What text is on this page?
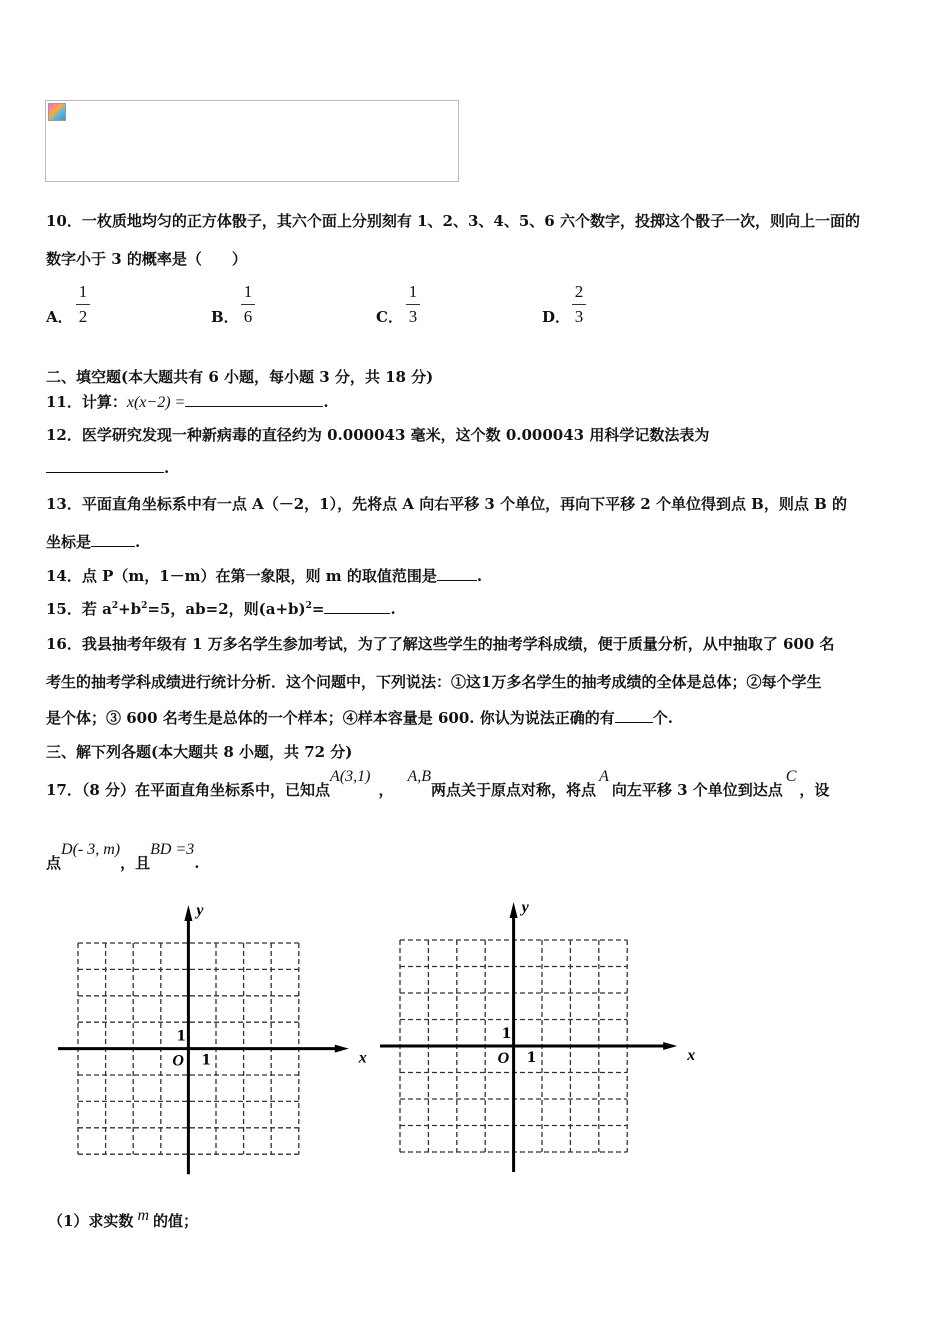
10．一枚质地均匀的正方体骰子，其六个面上分别刻有 1、2、3、4、5、6 六个数字，投掷这个骰子一次，则向上一面的
数字小于 3 的概率是（　　）
A．
1
2	B．
1
6	C．
1
3	D．
2
3
二、填空题(本大题共有 6 小题，每小题 3 分，共 18 分)
11．计算：x(x−2) =	.
12．医学研究发现一种新病毒的直径约为 0.000043 毫米，这个数 0.000043 用科学记数法表为
.
13．平面直角坐标系中有一点 A（－2，1），先将点 A 向右平移 3 个单位，再向下平移 2 个单位得到点 B，则点 B 的
坐标是	.
14．点 P（m，1－m）在第一象限，则 m 的取值范围是	.
15．若 $a^2+b^2=5$，ab=2，则$(a+b)^2=$	.
16．我县抽考年级有 1 万多名学生参加考试，为了了解这些学生的抽考学科成绩，便于质量分析，从中抽取了 600 名
考生的抽考学科成绩进行统计分析．这个问题中，下列说法：①这1万多名学生的抽考成绩的全体是总体；②每个学生
是个体；③ 600 名考生是总体的一个样本；④样本容量是 600. 你认为说法正确的有	个.
三、解下列各题(本大题共 8 小题，共 72 分)
17．（8 分）在平面直角坐标系中，已知点A(3,1)，A,B两点关于原点对称，将点A向左平移 3 个单位到达点C，设
点D(- 3, m)，且BD =3.
x
y
O 1
1
x
y
O 1
1
（1）求实数 m 的值；
